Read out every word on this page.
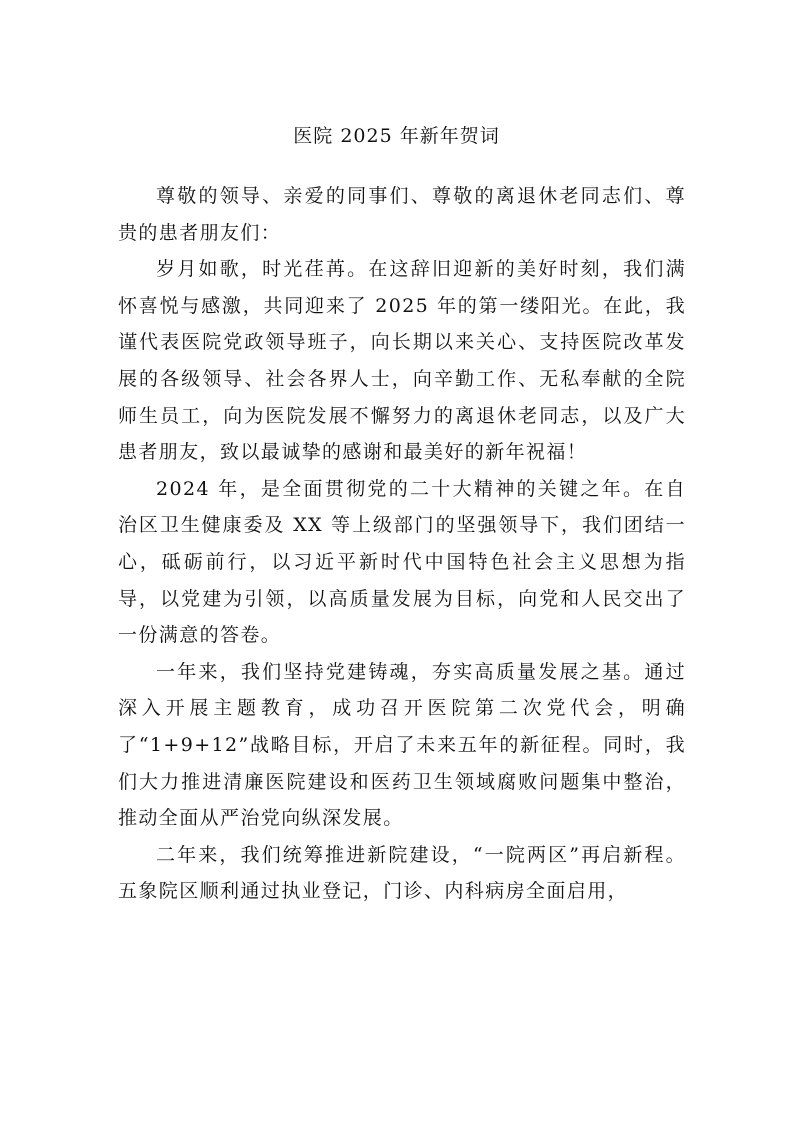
医院 2025 年新年贺词

尊敬的领导、亲爱的同事们、尊敬的离退休老同志们、尊贵的患者朋友们：

岁月如歌，时光荏苒。在这辞旧迎新的美好时刻，我们满怀喜悦与感激，共同迎来了 2025 年的第一缕阳光。在此，我谨代表医院党政领导班子，向长期以来关心、支持医院改革发展的各级领导、社会各界人士，向辛勤工作、无私奉献的全院师生员工，向为医院发展不懈努力的离退休老同志，以及广大患者朋友，致以最诚挚的感谢和最美好的新年祝福！

2024 年，是全面贯彻党的二十大精神的关键之年。在自治区卫生健康委及 XX 等上级部门的坚强领导下，我们团结一心，砥砺前行，以习近平新时代中国特色社会主义思想为指导，以党建为引领，以高质量发展为目标，向党和人民交出了一份满意的答卷。

一年来，我们坚持党建铸魂，夯实高质量发展之基。通过深入开展主题教育，成功召开医院第二次党代会，明确了“1+9+12”战略目标，开启了未来五年的新征程。同时，我们大力推进清廉医院建设和医药卫生领域腐败问题集中整治，推动全面从严治党向纵深发展。

二年来，我们统筹推进新院建设，“一院两区”再启新程。五象院区顺利通过执业登记，门诊、内科病房全面启用，
